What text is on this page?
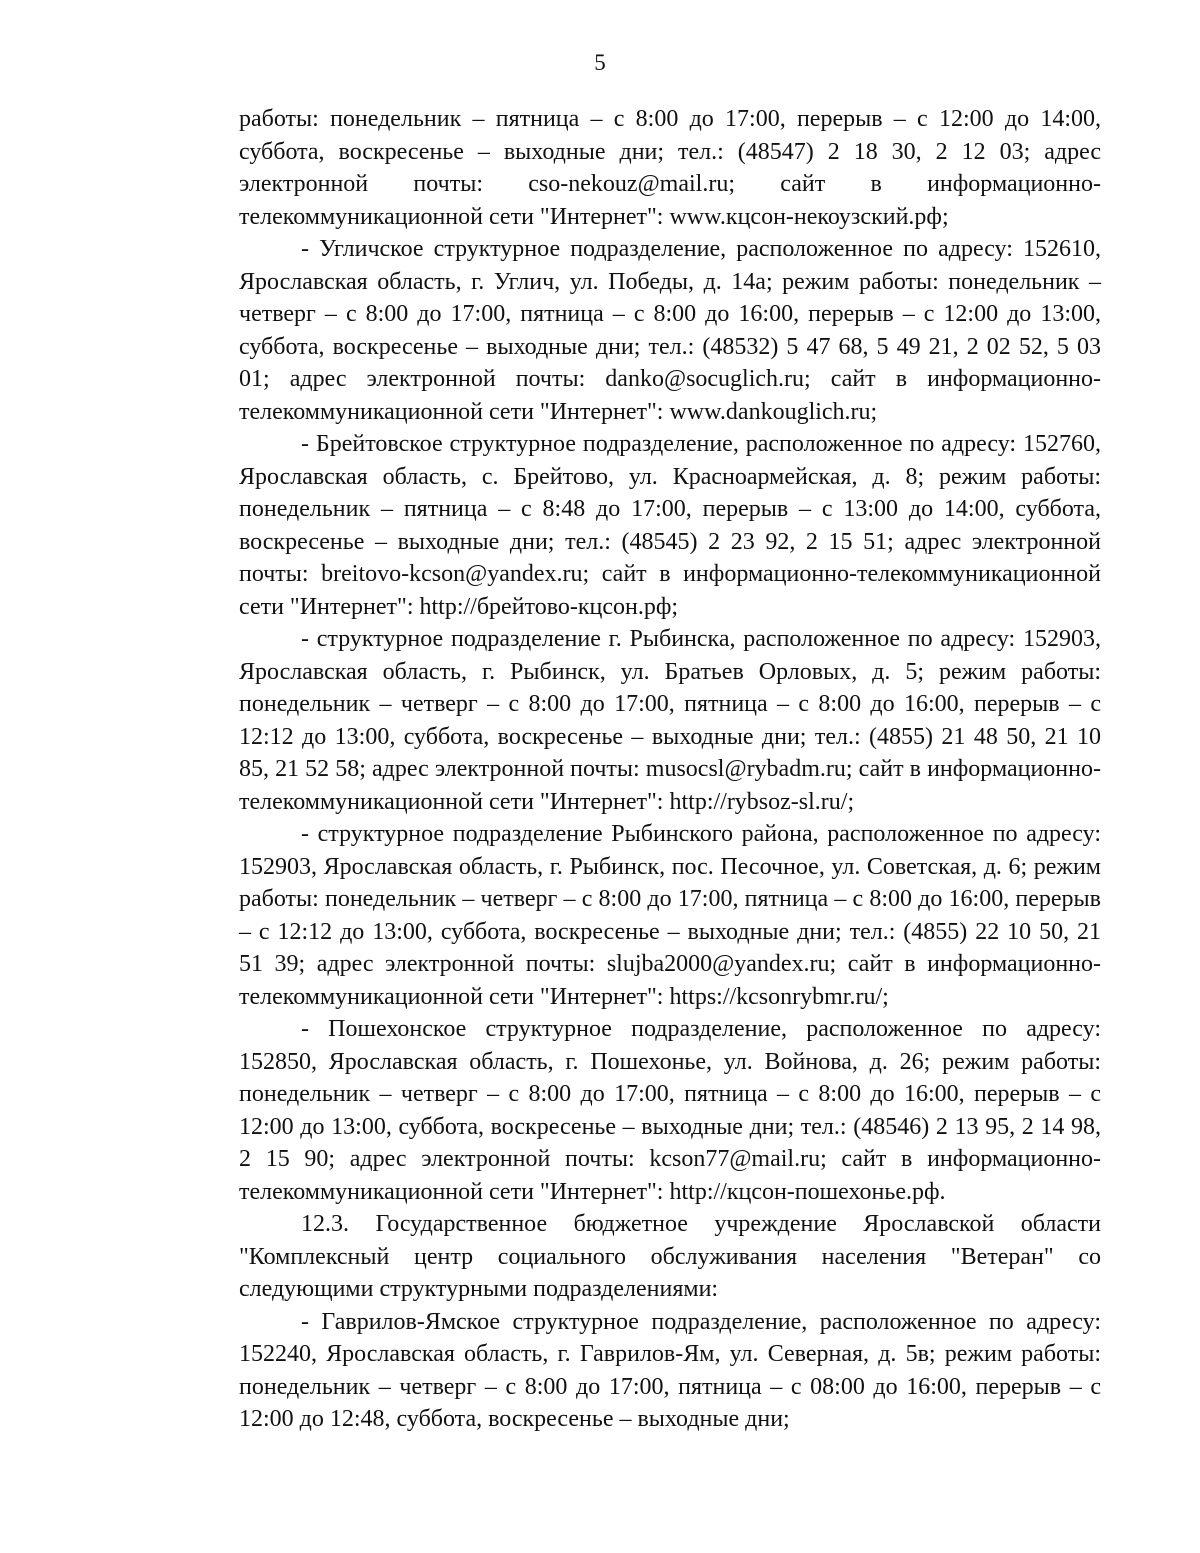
5

работы: понедельник – пятница – с 8:00 до 17:00, перерыв – с 12:00 до 14:00, суббота, воскресенье – выходные дни; тел.: (48547) 2 18 30, 2 12 03; адрес электронной почты: cso-nekouz@mail.ru; сайт в информационно-телекоммуникационной сети "Интернет": www.кцсон-некоузский.рф;

- Угличское структурное подразделение, расположенное по адресу: 152610, Ярославская область, г. Углич, ул. Победы, д. 14а; режим работы: понедельник – четверг – с 8:00 до 17:00, пятница – с 8:00 до 16:00, перерыв – с 12:00 до 13:00, суббота, воскресенье – выходные дни; тел.: (48532) 5 47 68, 5 49 21, 2 02 52, 5 03 01; адрес электронной почты: danko@socuglich.ru; сайт в информационно-телекоммуникационной сети "Интернет": www.dankouglich.ru;

- Брейтовское структурное подразделение, расположенное по адресу: 152760, Ярославская область, с. Брейтово, ул. Красноармейская, д. 8; режим работы: понедельник – пятница – с 8:48 до 17:00, перерыв – с 13:00 до 14:00, суббота, воскресенье – выходные дни; тел.: (48545) 2 23 92, 2 15 51; адрес электронной почты: breitovo-kcson@yandex.ru; сайт в информационно-телекоммуникационной сети "Интернет": http://брейтово-кцсон.рф;

- структурное подразделение г. Рыбинска, расположенное по адресу: 152903, Ярославская область, г. Рыбинск, ул. Братьев Орловых, д. 5; режим работы: понедельник – четверг – с 8:00 до 17:00, пятница – с 8:00 до 16:00, перерыв – с 12:12 до 13:00, суббота, воскресенье – выходные дни; тел.: (4855) 21 48 50, 21 10 85, 21 52 58; адрес электронной почты: musocsl@rybadm.ru; сайт в информационно-телекоммуникационной сети "Интернет": http://rybsoz-sl.ru/;

- структурное подразделение Рыбинского района, расположенное по адресу: 152903, Ярославская область, г. Рыбинск, пос. Песочное, ул. Советская, д. 6; режим работы: понедельник – четверг – с 8:00 до 17:00, пятница – с 8:00 до 16:00, перерыв – с 12:12 до 13:00, суббота, воскресенье – выходные дни; тел.: (4855) 22 10 50, 21 51 39; адрес электронной почты: slujba2000@yandex.ru; сайт в информационно-телекоммуникационной сети "Интернет": https://kcsonrybmr.ru/;

- Пошехонское структурное подразделение, расположенное по адресу: 152850, Ярославская область, г. Пошехонье, ул. Войнова, д. 26; режим работы: понедельник – четверг – с 8:00 до 17:00, пятница – с 8:00 до 16:00, перерыв – с 12:00 до 13:00, суббота, воскресенье – выходные дни; тел.: (48546) 2 13 95, 2 14 98, 2 15 90; адрес электронной почты: kcson77@mail.ru; сайт в информационно-телекоммуникационной сети "Интернет": http://кцсон-пошехонье.рф.

12.3. Государственное бюджетное учреждение Ярославской области "Комплексный центр социального обслуживания населения "Ветеран" со следующими структурными подразделениями:

- Гаврилов-Ямское структурное подразделение, расположенное по адресу: 152240, Ярославская область, г. Гаврилов-Ям, ул. Северная, д. 5в; режим работы: понедельник – четверг – с 8:00 до 17:00, пятница – с 08:00 до 16:00, перерыв – с 12:00 до 12:48, суббота, воскресенье – выходные дни;
